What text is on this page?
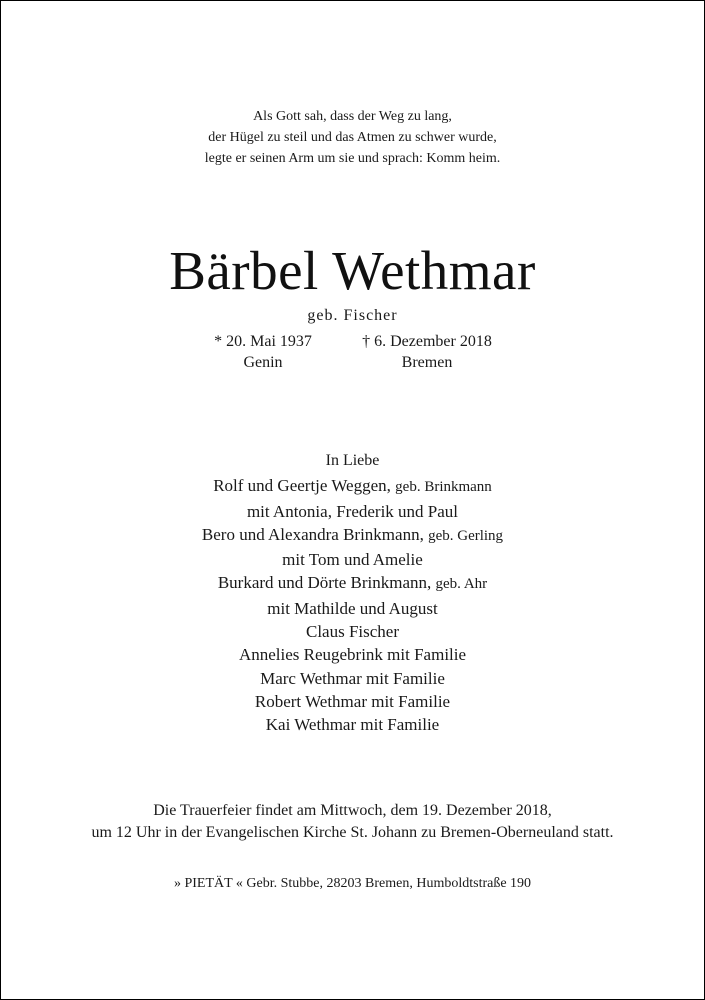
Als Gott sah, dass der Weg zu lang,
der Hügel zu steil und das Atmen zu schwer wurde,
legte er seinen Arm um sie und sprach: Komm heim.
Bärbel Wethmar
geb. Fischer
* 20. Mai 1937
Genin
† 6. Dezember 2018
Bremen
In Liebe
Rolf und Geertje Weggen, geb. Brinkmann
mit Antonia, Frederik und Paul
Bero und Alexandra Brinkmann, geb. Gerling
mit Tom und Amelie
Burkard und Dörte Brinkmann, geb. Ahr
mit Mathilde und August
Claus Fischer
Annelies Reugebrink mit Familie
Marc Wethmar mit Familie
Robert Wethmar mit Familie
Kai Wethmar mit Familie
Die Trauerfeier findet am Mittwoch, dem 19. Dezember 2018,
um 12 Uhr in der Evangelischen Kirche St. Johann zu Bremen-Oberneuland statt.
» PIETÄT « Gebr. Stubbe, 28203 Bremen, Humboldtstraße 190
